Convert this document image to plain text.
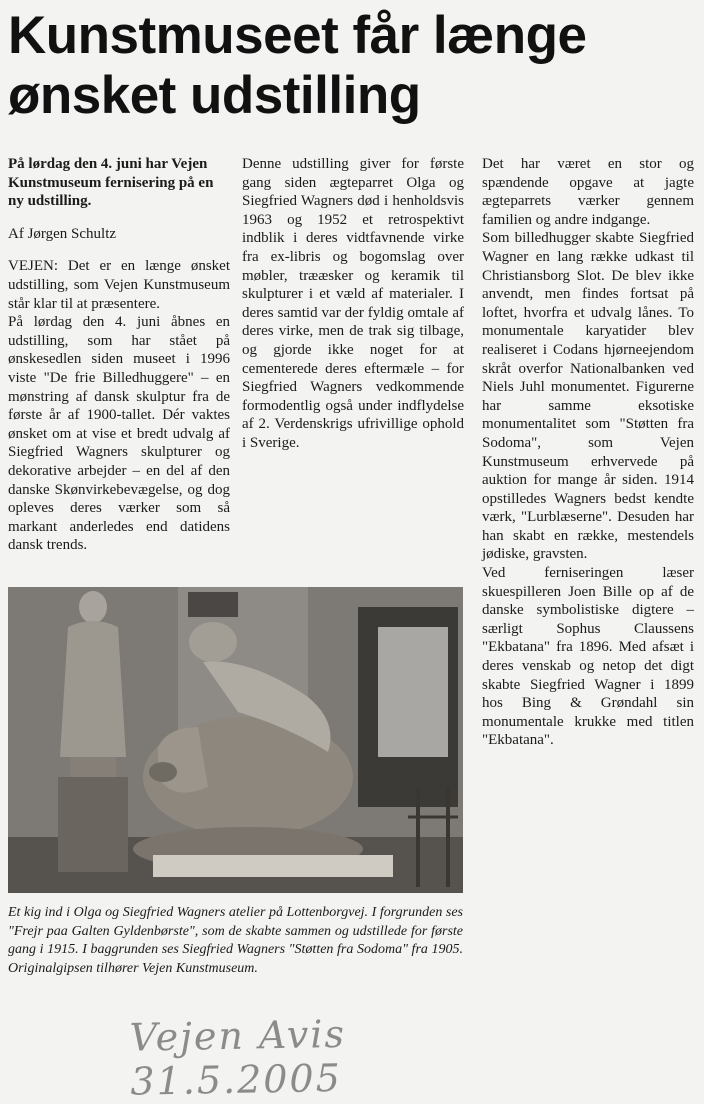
Kunstmuseet får længe ønsket udstilling

På lørdag den 4. juni har Vejen Kunstmuseum fernisering på en ny udstilling.

Af Jørgen Schultz

VEJEN: Det er en længe ønsket udstilling, som Vejen Kunstmuseum står klar til at præsentere.

På lørdag den 4. juni åbnes en udstilling, som har stået på ønskesedlen siden museet i 1996 viste "De frie Billedhuggere" – en mønstring af dansk skulptur fra de første år af 1900-tallet. Dér vaktes ønsket om at vise et bredt udvalg af Siegfried Wagners skulpturer og dekorative arbejder – en del af den danske Skønvirkebevægelse, og dog opleves deres værker som så markant anderledes end datidens dansk trends.

Denne udstilling giver for første gang siden ægteparret Olga og Siegfried Wagners død i henholdsvis 1963 og 1952 et retrospektivt indblik i deres vidtfavnende virke fra ex-libris og bogomslag over møbler, trææsker og keramik til skulpturer i et væld af materialer. I deres samtid var der fyldig omtale af deres virke, men de trak sig tilbage, og gjorde ikke noget for at cementerede deres eftermæle – for Siegfried Wagners vedkommende formodentlig også under indflydelse af 2. Verdenskrigs ufrivillige ophold i Sverige.

Det har været en stor og spændende opgave at jagte ægteparrets værker gennem familien og andre indgange.

Som billedhugger skabte Siegfried Wagner en lang række udkast til Christiansborg Slot. De blev ikke anvendt, men findes fortsat på loftet, hvorfra et udvalg lånes. To monumentale karyatider blev realiseret i Codans hjørneejendom skråt overfor Nationalbanken ved Niels Juhl monumentet. Figurerne har samme eksotiske monumentalitet som "Støtten fra Sodoma", som Vejen Kunstmuseum erhvervede på auktion for mange år siden. 1914 opstilledes Wagners bedst kendte værk, "Lurblæserne". Desuden har han skabt en række, mestendels jødiske, gravsten.

Ved ferniseringen læser skuespilleren Joen Bille op af de danske symbolistiske digtere – særligt Sophus Claussens "Ekbatana" fra 1896. Med afsæt i deres venskab og netop det digt skabte Siegfried Wagner i 1899 hos Bing & Grøndahl sin monumentale krukke med titlen "Ekbatana".

Et kig ind i Olga og Siegfried Wagners atelier på Lottenborgvej. I forgrunden ses "Frejr paa Galten Gyldenbørste", som de skabte sammen og udstillede for første gang i 1915. I baggrunden ses Siegfried Wagners "Støtten fra Sodoma" fra 1905. Originalgipsen tilhører Vejen Kunstmuseum.

Vejen Avis 31.5.2005
